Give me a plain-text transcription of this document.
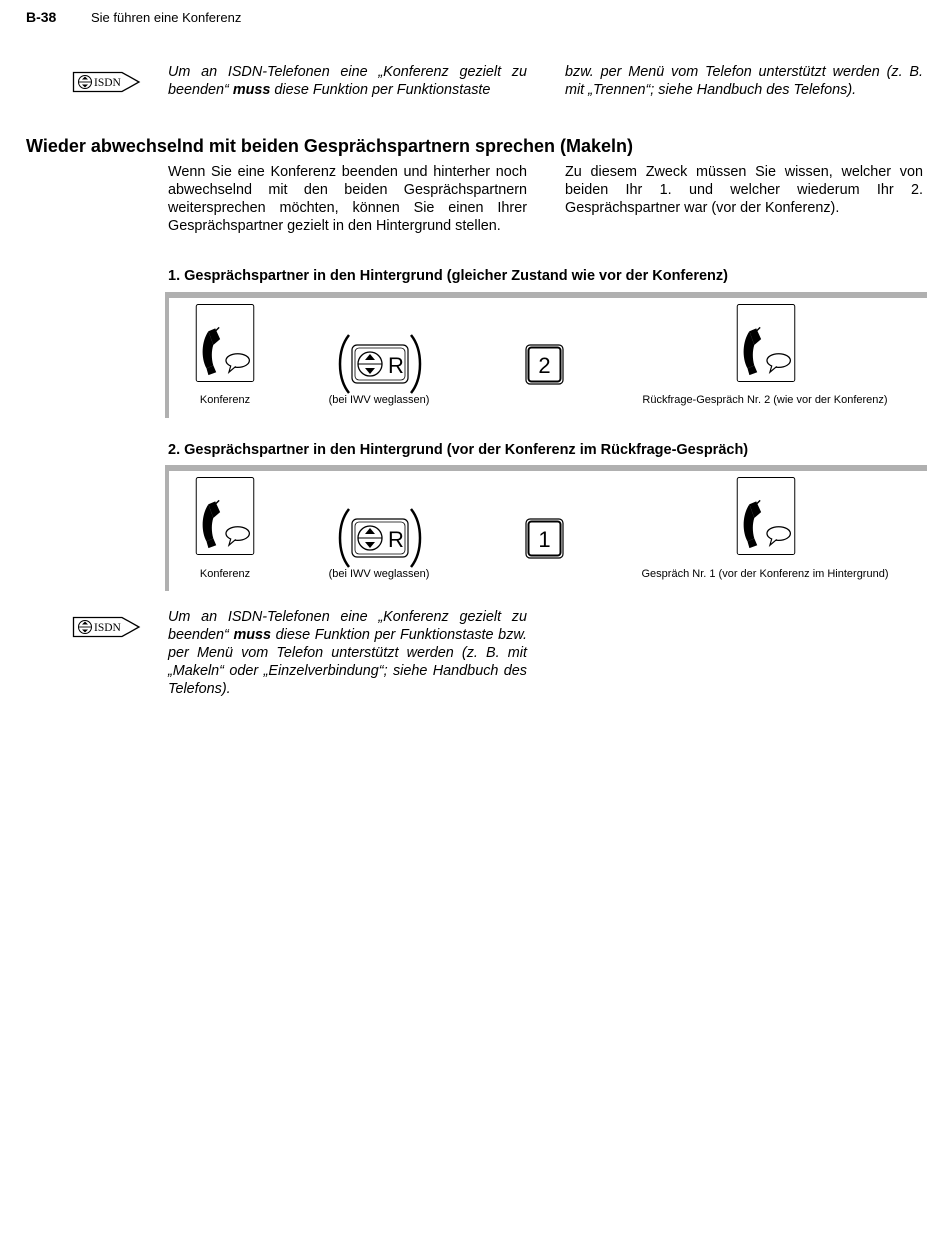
B-38	Sie führen eine Konferenz
ISDN
Um an ISDN-Telefonen eine „Konferenz gezielt zu beenden“ muss diese Funktion per Funktionstaste
bzw. per Menü vom Telefon unterstützt werden (z. B. mit „Trennen“; siehe Handbuch des Telefons).
Wieder abwechselnd mit beiden Gesprächspartnern sprechen (Makeln)
Wenn Sie eine Konferenz beenden und hinterher noch abwechselnd mit den beiden Gesprächspartnern weitersprechen möchten, können Sie einen Ihrer Gesprächspartner gezielt in den Hintergrund stellen.
Zu diesem Zweck müssen Sie wissen, welcher von beiden Ihr 1. und welcher wiederum Ihr 2. Gesprächspartner war (vor der Konferenz).
1. Gesprächspartner in den Hintergrund (gleicher Zustand wie vor der Konferenz)
Konferenz
R
(bei IWV weglassen)
2
Rückfrage-Gespräch Nr. 2 (wie vor der Konferenz)
2. Gesprächspartner in den Hintergrund (vor der Konferenz im Rückfrage-Gespräch)
Konferenz
R
(bei IWV weglassen)
1
Gespräch Nr. 1 (vor der Konferenz im Hintergrund)
ISDN
Um an ISDN-Telefonen eine „Konferenz gezielt zu beenden“ muss diese Funktion per Funktionstaste bzw. per Menü vom Telefon unterstützt werden (z. B. mit „Makeln“ oder „Einzelverbindung“; siehe Handbuch des Telefons).
